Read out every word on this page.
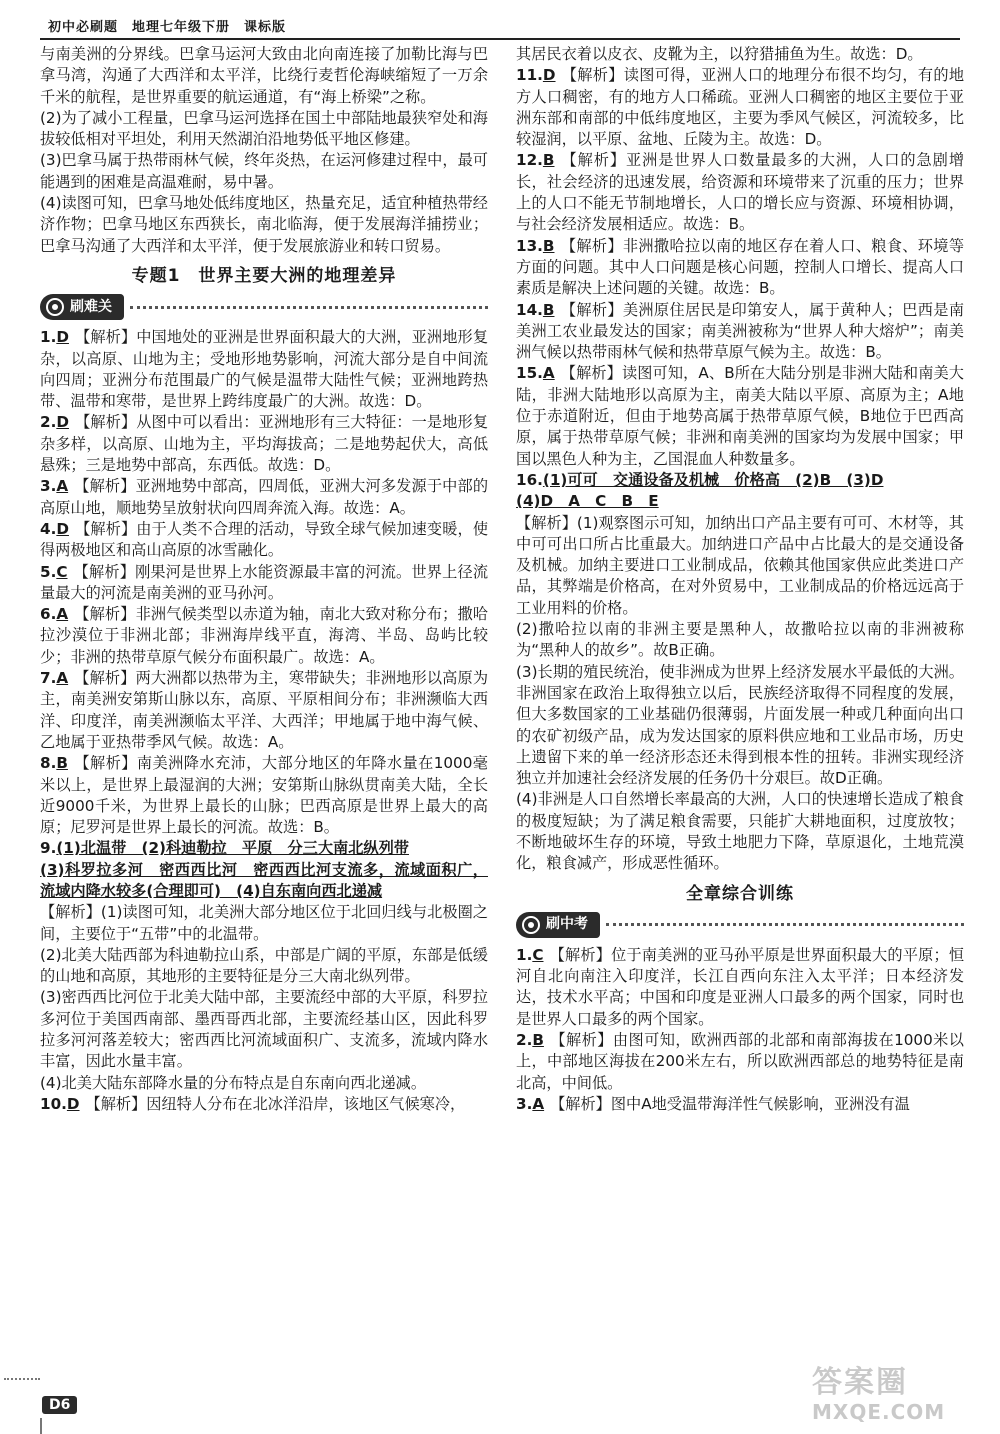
初中必刷题　地理七年级下册　课标版

与南美洲的分界线。巴拿马运河大致由北向南连接了加勒比海与巴拿马湾，沟通了大西洋和太平洋，比绕行麦哲伦海峡缩短了一万余千米的航程，是世界重要的航运通道，有“海上桥梁”之称。

(2)为了减小工程量，巴拿马运河选择在国土中部陆地最狭窄处和海拔较低相对平坦处，利用天然湖泊沿地势低平地区修建。

(3)巴拿马属于热带雨林气候，终年炎热，在运河修建过程中，最可能遇到的困难是高温难耐，易中暑。

(4)读图可知，巴拿马地处低纬度地区，热量充足，适宜种植热带经济作物；巴拿马地区东西狭长，南北临海，便于发展海洋捕捞业；巴拿马沟通了大西洋和太平洋，便于发展旅游业和转口贸易。

专题1　世界主要大洲的地理差异
刷难关

1.D 【解析】中国地处的亚洲是世界面积最大的大洲，亚洲地形复杂，以高原、山地为主；受地形地势影响，河流大部分是自中间流向四周；亚洲分布范围最广的气候是温带大陆性气候；亚洲地跨热带、温带和寒带，是世界上跨纬度最广的大洲。故选：D。

2.D 【解析】从图中可以看出：亚洲地形有三大特征：一是地形复杂多样，以高原、山地为主，平均海拔高；二是地势起伏大，高低悬殊；三是地势中部高，东西低。故选：D。

3.A 【解析】亚洲地势中部高，四周低，亚洲大河多发源于中部的高原山地，顺地势呈放射状向四周奔流入海。故选：A。

4.D 【解析】由于人类不合理的活动，导致全球气候加速变暖，使得两极地区和高山高原的冰雪融化。

5.C 【解析】刚果河是世界上水能资源最丰富的河流。世界上径流量最大的河流是南美洲的亚马孙河。

6.A 【解析】非洲气候类型以赤道为轴，南北大致对称分布；撒哈拉沙漠位于非洲北部；非洲海岸线平直，海湾、半岛、岛屿比较少；非洲的热带草原气候分布面积最广。故选：A。

7.A 【解析】两大洲都以热带为主，寒带缺失；非洲地形以高原为主，南美洲安第斯山脉以东，高原、平原相间分布；非洲濒临大西洋、印度洋，南美洲濒临太平洋、大西洋；甲地属于地中海气候、乙地属于亚热带季风气候。故选：A。

8.B 【解析】南美洲降水充沛，大部分地区的年降水量在1000毫米以上，是世界上最湿润的大洲；安第斯山脉纵贯南美大陆，全长近9000千米，为世界上最长的山脉；巴西高原是世界上最大的高原；尼罗河是世界上最长的河流。故选：B。

9.(1)北温带　(2)科迪勒拉　平原　分三大南北纵列带

(3)科罗拉多河　密西西比河　密西西比河支流多，流域面积广，流域内降水较多(合理即可)　(4)自东南向西北递减

【解析】(1)读图可知，北美洲大部分地区位于北回归线与北极圈之间，主要位于“五带”中的北温带。

(2)北美大陆西部为科迪勒拉山系，中部是广阔的平原，东部是低缓的山地和高原，其地形的主要特征是分三大南北纵列带。

(3)密西西比河位于北美大陆中部，主要流经中部的大平原，科罗拉多河位于美国西南部、墨西哥西北部，主要流经基山区，因此科罗拉多河河落差较大；密西西比河流域面积广、支流多，流域内降水丰富，因此水量丰富。

(4)北美大陆东部降水量的分布特点是自东南向西北递减。

10.D 【解析】因纽特人分布在北冰洋沿岸，该地区气候寒冷，

其居民衣着以皮衣、皮靴为主，以狩猎捕鱼为生。故选：D。

11.D 【解析】读图可得，亚洲人口的地理分布很不均匀，有的地方人口稠密，有的地方人口稀疏。亚洲人口稠密的地区主要位于亚洲东部和南部的中低纬度地区，主要为季风气候区，河流较多，比较湿润，以平原、盆地、丘陵为主。故选：D。

12.B 【解析】亚洲是世界人口数量最多的大洲，人口的急剧增长，社会经济的迅速发展，给资源和环境带来了沉重的压力；世界上的人口不能无节制地增长，人口的增长应与资源、环境相协调，与社会经济发展相适应。故选：B。

13.B 【解析】非洲撒哈拉以南的地区存在着人口、粮食、环境等方面的问题。其中人口问题是核心问题，控制人口增长、提高人口素质是解决上述问题的关键。故选：B。

14.B 【解析】美洲原住居民是印第安人，属于黄种人；巴西是南美洲工农业最发达的国家；南美洲被称为“世界人种大熔炉”；南美洲气候以热带雨林气候和热带草原气候为主。故选：B。

15.A 【解析】读图可知，A、B所在大陆分别是非洲大陆和南美大陆，非洲大陆地形以高原为主，南美大陆以平原、高原为主；A地位于赤道附近，但由于地势高属于热带草原气候，B地位于巴西高原，属于热带草原气候；非洲和南美洲的国家均为发展中国家；甲国以黑色人种为主，乙国混血人种数量多。

16.(1)可可　交通设备及机械　价格高　(2)B　(3)D

(4)D　A　C　B　E

【解析】(1)观察图示可知，加纳出口产品主要有可可、木材等，其中可可出口所占比重最大。加纳进口产品中占比最大的是交通设备及机械。加纳主要进口工业制成品，依赖其他国家供应此类进口产品，其弊端是价格高，在对外贸易中，工业制成品的价格远远高于工业用料的价格。

(2)撒哈拉以南的非洲主要是黑种人，故撒哈拉以南的非洲被称为“黑种人的故乡”。故B正确。

(3)长期的殖民统治，使非洲成为世界上经济发展水平最低的大洲。非洲国家在政治上取得独立以后，民族经济取得不同程度的发展，但大多数国家的工业基础仍很薄弱，片面发展一种或几种面向出口的农矿初级产品，成为发达国家的原料供应地和工业品市场，历史上遗留下来的单一经济形态还未得到根本性的扭转。非洲实现经济独立并加速社会经济发展的任务仍十分艰巨。故D正确。

(4)非洲是人口自然增长率最高的大洲，人口的快速增长造成了粮食的极度短缺；为了满足粮食需要，只能扩大耕地面积，过度放牧；不断地破坏生存的环境，导致土地肥力下降，草原退化，土地荒漠化，粮食减产，形成恶性循环。

全章综合训练
刷中考

1.C 【解析】位于南美洲的亚马孙平原是世界面积最大的平原；恒河自北向南注入印度洋，长江自西向东注入太平洋；日本经济发达，技术水平高；中国和印度是亚洲人口最多的两个国家，同时也是世界人口最多的两个国家。

2.B 【解析】由图可知，欧洲西部的北部和南部海拔在1000米以上，中部地区海拔在200米左右，所以欧洲西部总的地势特征是南北高，中间低。

3.A 【解析】图中A地受温带海洋性气候影响，亚洲没有温

D6
答案圈
MXQE.COM
